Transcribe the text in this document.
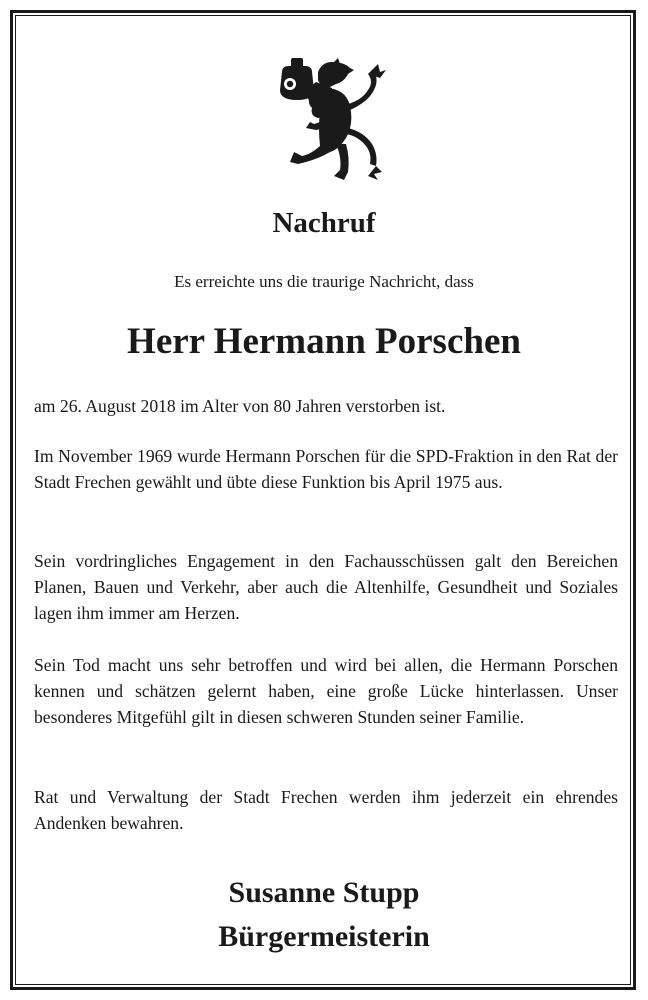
Nachruf
Es erreichte uns die traurige Nachricht, dass
Herr Hermann Porschen

am 26. August 2018 im Alter von 80 Jahren verstorben ist.

Im November 1969 wurde Hermann Porschen für die SPD-Fraktion in den Rat der Stadt Frechen gewählt und übte diese Funktion bis April 1975 aus.

Sein vordringliches Engagement in den Fachausschüssen galt den Bereichen Planen, Bauen und Verkehr, aber auch die Altenhilfe, Gesundheit und Soziales lagen ihm immer am Herzen.

Sein Tod macht uns sehr betroffen und wird bei allen, die Hermann Porschen kennen und schätzen gelernt haben, eine große Lücke hinterlassen. Unser besonderes Mitgefühl gilt in diesen schweren Stunden seiner Familie.

Rat und Verwaltung der Stadt Frechen werden ihm jederzeit ein ehrendes Andenken bewahren.

Susanne Stupp
Bürgermeisterin
